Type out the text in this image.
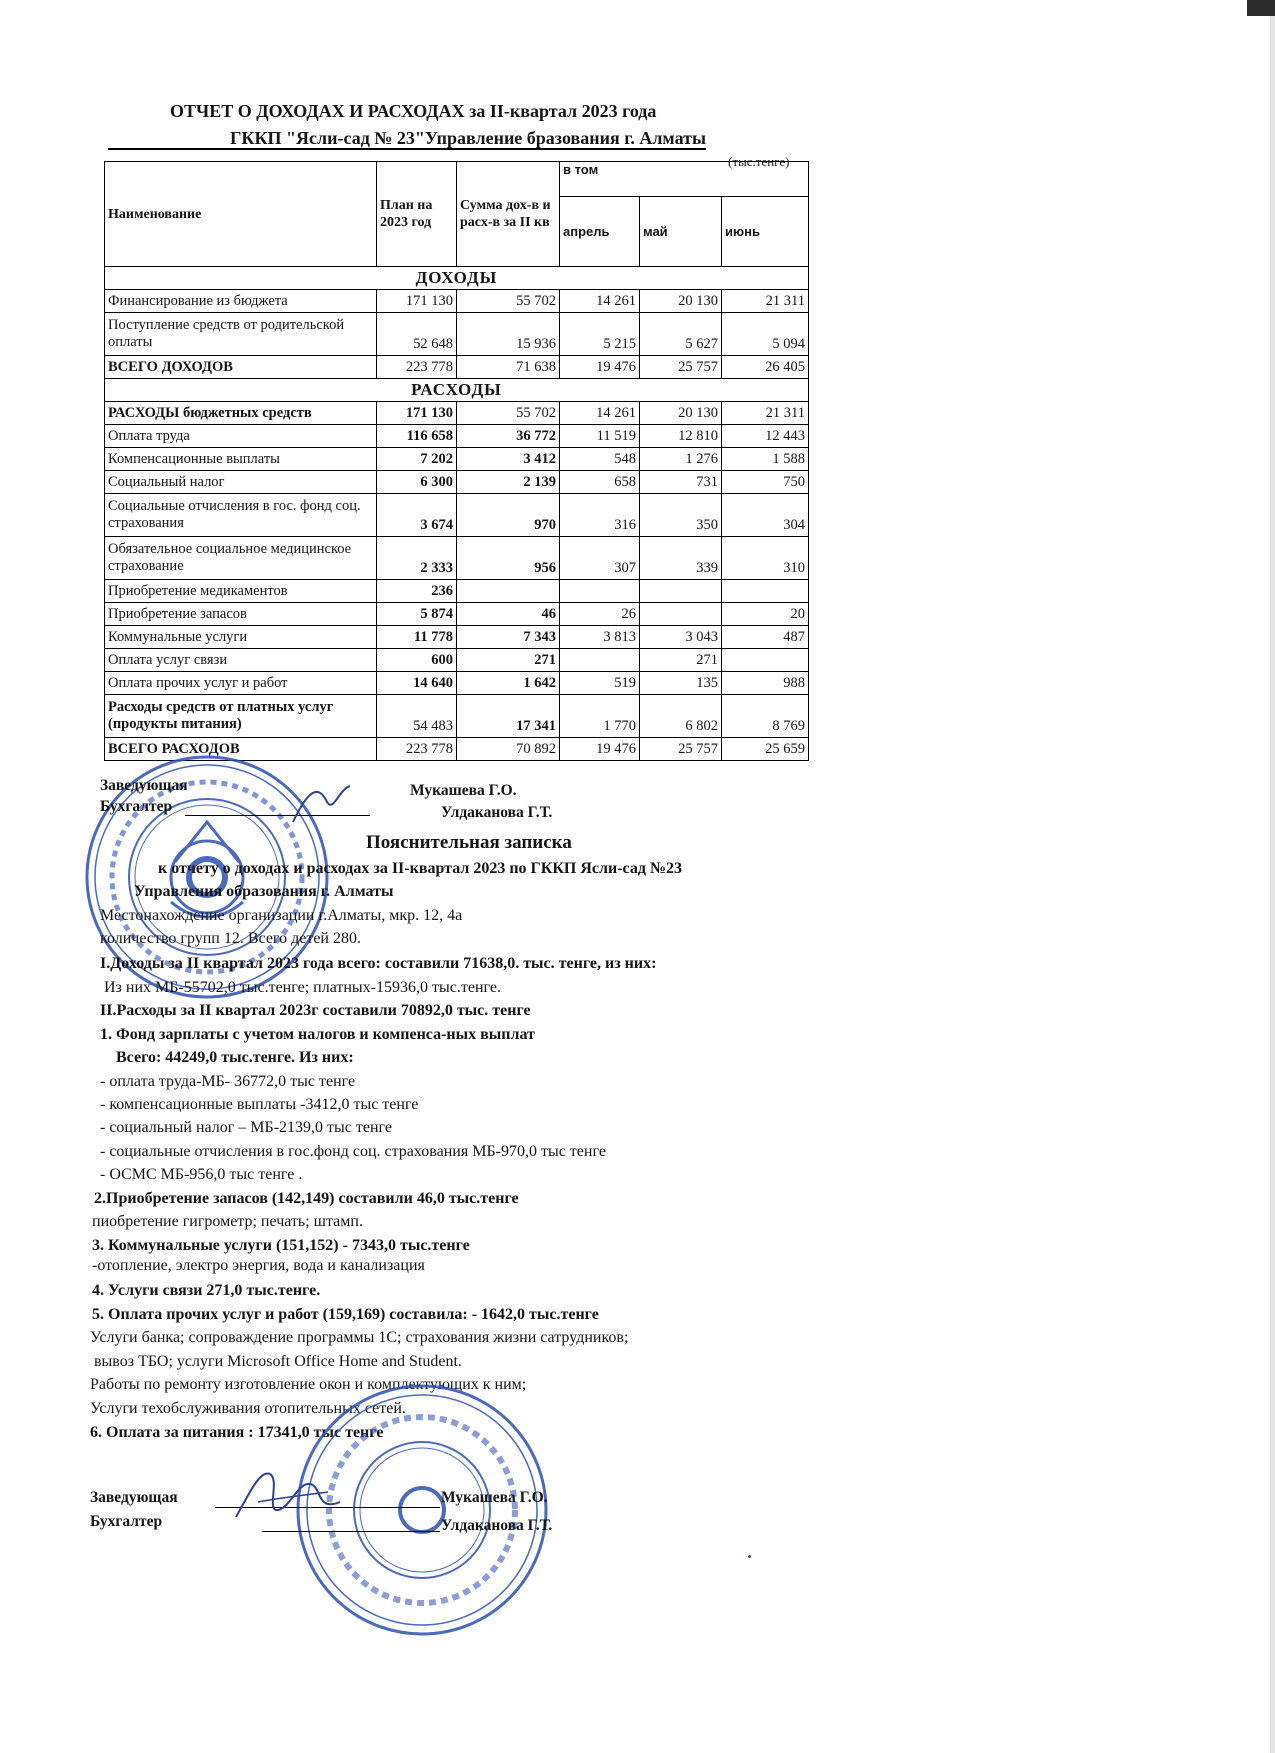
ОТЧЕТ О ДОХОДАХ И РАСХОДАХ за II-квартал 2023 года
ГККП "Ясли-сад № 23"Управление бразования г. Алматы
(тыс.тенге)
Наименование	План на 2023 год	Сумма дох-в и расх-в за II кв	в том		
			апрель	май	июнь
ДОХОДЫ					
Финансирование из бюджета	171 130	55 702	14 261	20 130	21 311
Поступление средств от родительской оплаты	52 648	15 936	5 215	5 627	5 094
ВСЕГО ДОХОДОВ	223 778	71 638	19 476	25 757	26 405
РАСХОДЫ					
РАСХОДЫ бюджетных средств	171 130	55 702	14 261	20 130	21 311
Оплата труда	116 658	36 772	11 519	12 810	12 443
Компенсационные выплаты	7 202	3 412	548	1 276	1 588
Социальный налог	6 300	2 139	658	731	750
Социальные отчисления в гос. фонд соц. страхования	3 674	970	316	350	304
Обязательное социальное медицинское страхование	2 333	956	307	339	310
Приобретение медикаментов	236				
Приобретение запасов	5 874	46	26		20
Коммунальные услуги	11 778	7 343	3 813	3 043	487
Оплата услуг связи	600	271		271	
Оплата прочих услуг и работ	14 640	1 642	519	135	988
Расходы средств от платных услуг (продукты питания)	54 483	17 341	1 770	6 802	8 769
ВСЕГО РАСХОДОВ	223 778	70 892	19 476	25 757	25 659
Заведующая	Мукашева Г.О.
Бухгалтер	Улдаканова Г.Т.
Пояснительная записка
к отчету о доходах и расходах за II-квартал 2023 по ГККП Ясли-сад №23
Управления образования г. Алматы
Местонахождение организации г.Алматы, мкр. 12, 4а
количество групп 12. Всего детей 280.
I.Доходы за II квартал 2023 года всего: составили 71638,0. тыс. тенге, из них:
Из них МБ-55702,0 тыс.тенге; платных-15936,0 тыс.тенге.
II.Расходы за II квартал 2023г составили 70892,0 тыс. тенге
1. Фонд зарплаты с учетом налогов и компенса-ных выплат
Всего: 44249,0 тыс.тенге. Из них:
- оплата труда-МБ- 36772,0 тыс тенге
- компенсационные выплаты -3412,0 тыс тенге
- социальный налог – МБ-2139,0 тыс тенге
- социальные отчисления в гос.фонд соц. страхования МБ-970,0 тыс тенге
- ОСМС МБ-956,0 тыс тенге .
2.Приобретение запасов (142,149) составили 46,0 тыс.тенге
пиобретение гигрометр; печать; штамп.
3. Коммунальные услуги (151,152) - 7343,0 тыс.тенге
-отопление, электро энергия, вода и канализация
4. Услуги связи 271,0 тыс.тенге.
5. Оплата прочих услуг и работ (159,169) составила: - 1642,0 тыс.тенге
Услуги банка; сопроваждение программы 1С; страхования жизни сатрудников;
вывоз ТБО; услуги Microsoft Office Home and Student.
Работы по ремонту изготовление окон и комплектующих к ним;
Услуги техобслуживания отопительных сетей.
6. Оплата за питания : 17341,0 тыс тенге
Заведующая	Мукашева Г.О.
Бухгалтер	Улдаканова Г.Т.
